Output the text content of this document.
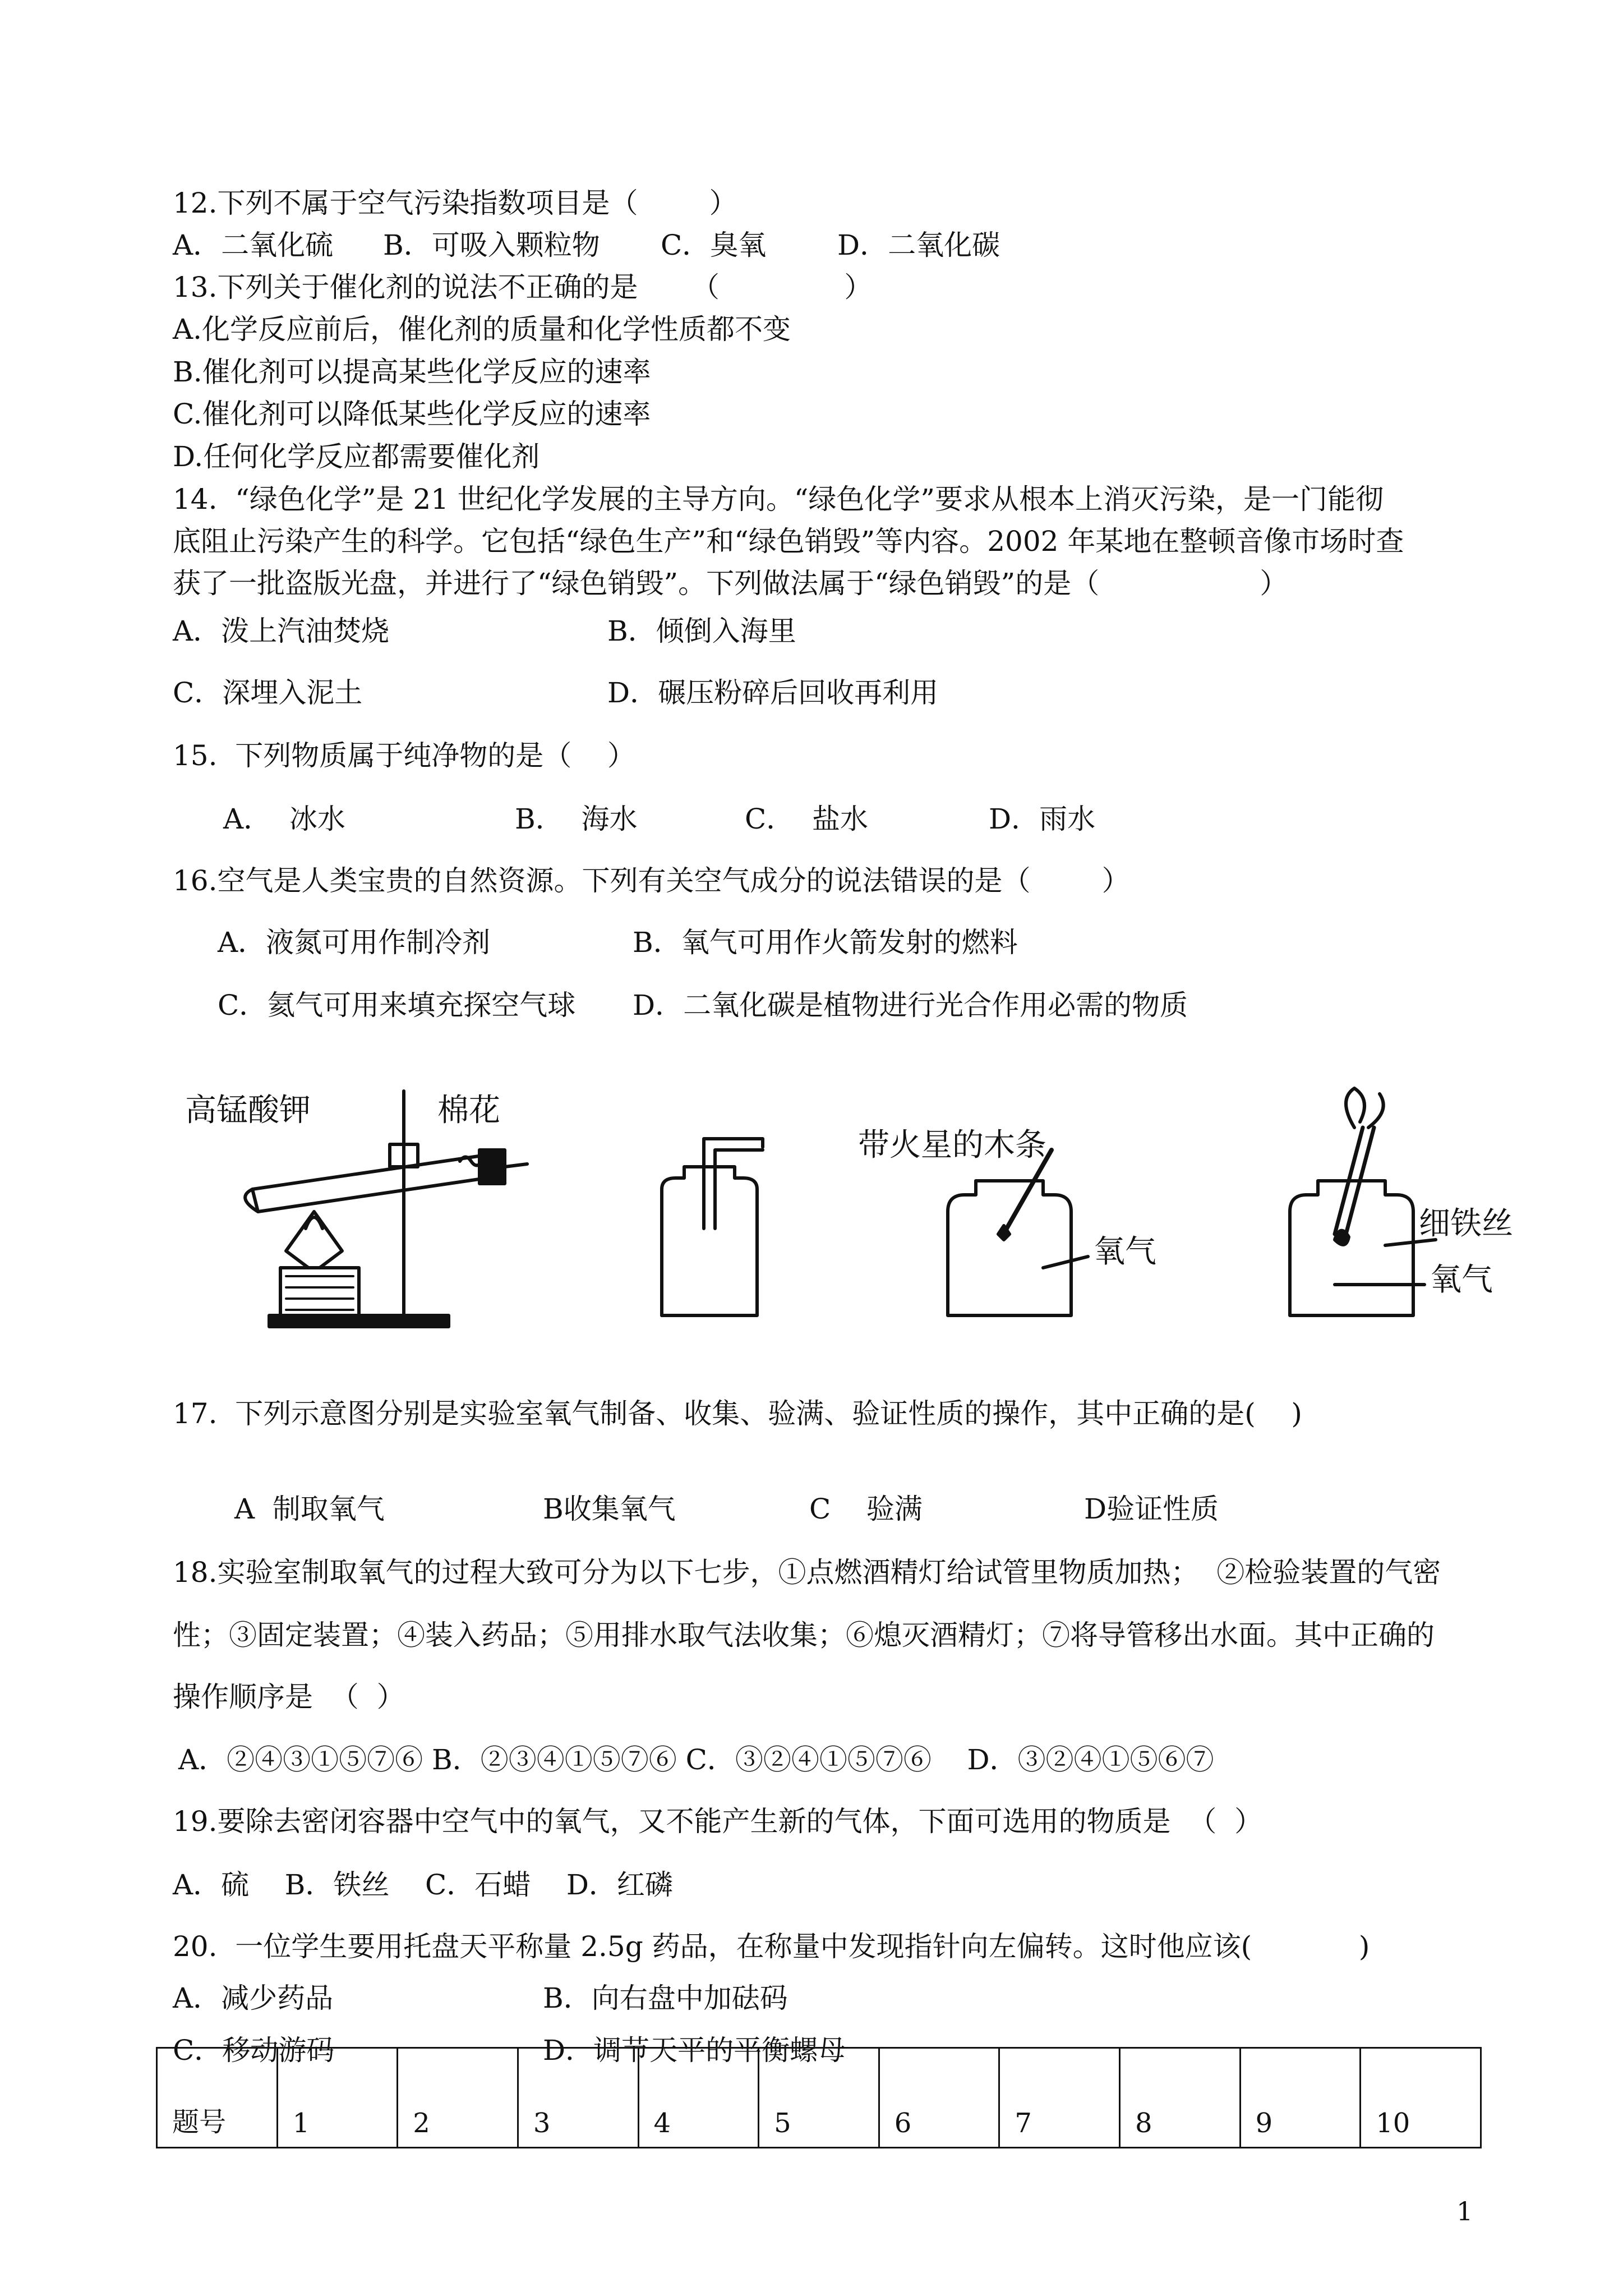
12.下列不属于空气污染指数项目是（        ）
A．二氧化硫 B．可吸入颗粒物 C．臭氧	D．二氧化碳
13.下列关于催化剂的说法不正确的是      （              ）
A.化学反应前后，催化剂的质量和化学性质都不变
B.催化剂可以提高某些化学反应的速率
C.催化剂可以降低某些化学反应的速率
D.任何化学反应都需要催化剂
14.  “绿色化学”是 21 世纪化学发展的主导方向。“绿色化学”要求从根本上消灭污染，是一门能彻
底阻止污染产生的科学。它包括“绿色生产”和“绿色销毁”等内容。2002 年某地在整顿音像市场时查
获了一批盗版光盘，并进行了“绿色销毁”。下列做法属于“绿色销毁”的是（                  ）
A．泼上汽油焚烧	B．倾倒入海里
C．深埋入泥土	D．碾压粉碎后回收再利用
15.  下列物质属于纯净物的是（    ）
A．  冰水	B．  海水	C．  盐水	D．雨水
16.空气是人类宝贵的自然资源。下列有关空气成分的说法错误的是（        ）
A．液氮可用作制冷剂	B．氧气可用作火箭发射的燃料
C．氦气可用来填充探空气球 D．二氧化碳是植物进行光合作用必需的物质
高锰酸钾	棉花
带火星的木条
氧气
细铁丝
氧气
17.  下列示意图分别是实验室氧气制备、收集、验满、验证性质的操作，其中正确的是(    )
A  制取氧气	B收集氧气	C    验满	D验证性质
18.实验室制取氧气的过程大致可分为以下七步，①点燃酒精灯给试管里物质加热；  ②检验装置的气密
性；③固定装置；④装入药品；⑤用排水取气法收集；⑥熄灭酒精灯；⑦将导管移出水面。其中正确的
操作顺序是  （  ）
A．②④③①⑤⑦⑥ B．②③④①⑤⑦⑥ C．③②④①⑤⑦⑥    D．③②④①⑤⑥⑦
19.要除去密闭容器中空气中的氧气，又不能产生新的气体，下面可选用的物质是  （  ）
A．硫    B．铁丝    C．石蜡    D．红磷
20.  一位学生要用托盘天平称量 2.5g 药品，在称量中发现指针向左偏转。这时他应该(            )
A．减少药品	B．向右盘中加砝码
C．移动游码	D．调节天平的平衡螺母
题号	1	2	3	4	5	6	7	8	9	10
1
